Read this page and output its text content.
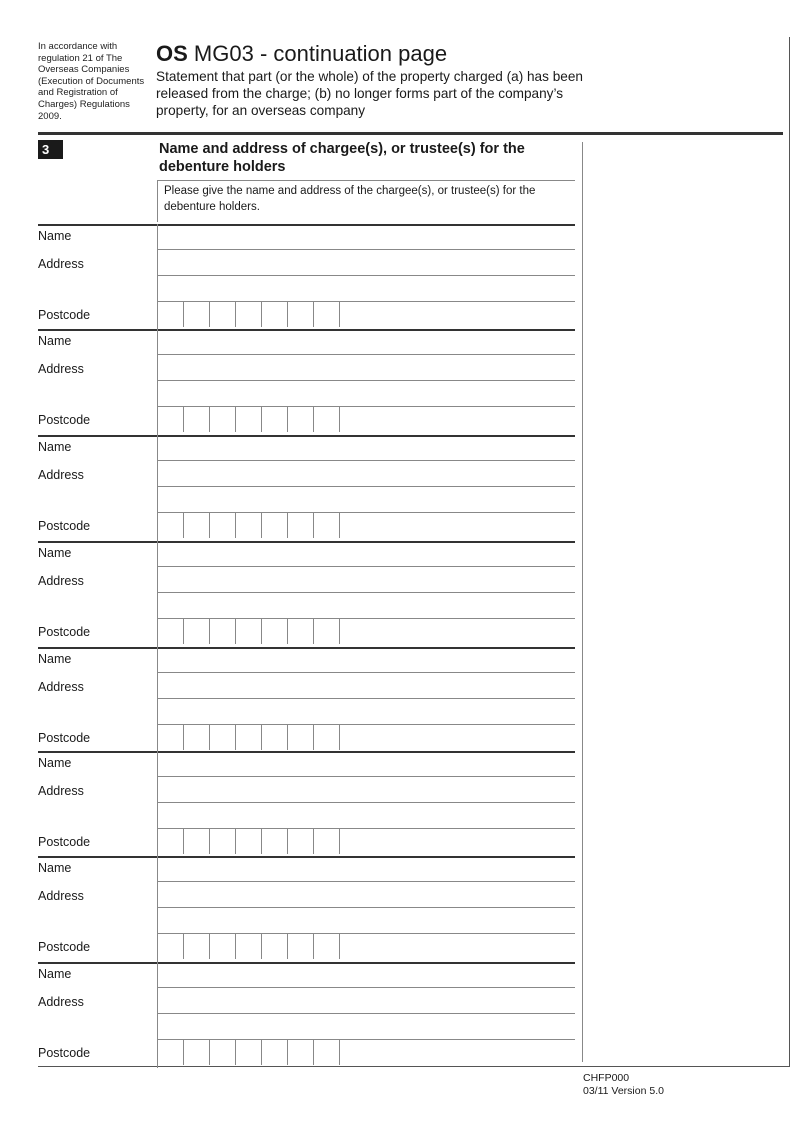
In accordance with regulation 21 of The Overseas Companies (Execution of Documents and Registration of Charges) Regulations 2009.
OS MG03 - continuation page
Statement that part (or the whole) of the property charged (a) has been released from the charge; (b) no longer forms part of the company’s property, for an overseas company
3	Name and address of chargee(s), or trustee(s) for the debenture holders
Please give the name and address of the chargee(s), or trustee(s) for the debenture holders.
Name
Address
Postcode
Name
Address
Postcode
Name
Address
Postcode
Name
Address
Postcode
Name
Address
Postcode
Name
Address
Postcode
Name
Address
Postcode
Name
Address
Postcode
CHFP000
03/11 Version 5.0
